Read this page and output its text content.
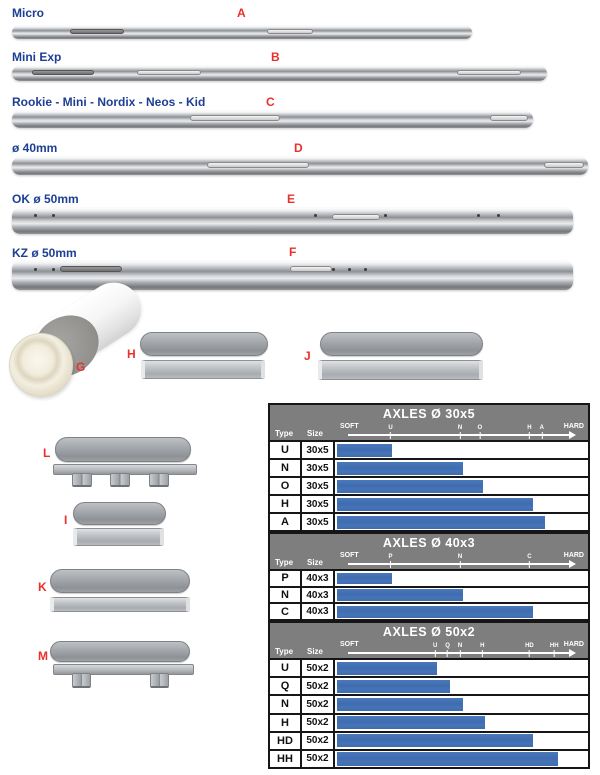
Micro	A
Mini Exp	B
Rookie - Mini - Nordix - Neos - Kid	C
ø 40mm	D
OK ø 50mm	E
KZ ø 50mm	F
G
H	J
L
I
K
M
AXLES Ø 30x5
Type Size
SOFT	HARD
U	N	O	H A
U	30x5
N	30x5
O	30x5
H	30x5
A	30x5
AXLES Ø 40x3
Type Size
SOFT	HARD
P	N	C
P	40x3
N	40x3
C	40x3
AXLES Ø 50x2
Type Size
SOFT	HARD
U Q N	H	HD	HH
U	50x2
Q	50x2
N	50x2
H	50x2
HD	50x2
HH	50x2
